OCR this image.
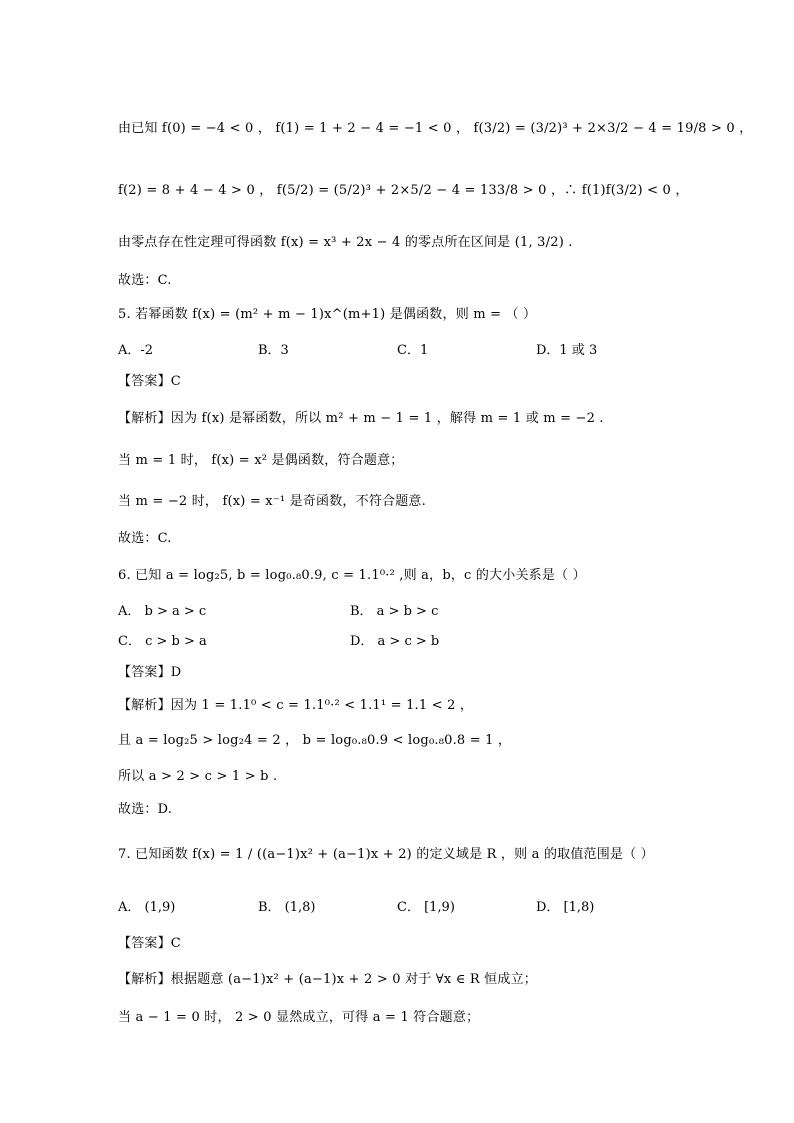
由已知 f(0) = −4 < 0 ， f(1) = 1 + 2 − 4 = −1 < 0 ， f(3/2) = (3/2)³ + 2×3/2 − 4 = 19/8 > 0 ，
f(2) = 8 + 4 − 4 > 0 ， f(5/2) = (5/2)³ + 2×5/2 − 4 = 133/8 > 0 ，∴ f(1)f(3/2) < 0 ，
由零点存在性定理可得函数 f(x) = x³ + 2x − 4 的零点所在区间是 (1, 3/2) .
故选：C.
5. 若幂函数 f(x) = (m² + m − 1)x^(m+1) 是偶函数，则 m = （ ）
A．-2	B．3	C．1	D．1 或 3
【答案】C
【解析】因为 f(x) 是幂函数，所以 m² + m − 1 = 1 ，解得 m = 1 或 m = −2 .
当 m = 1 时， f(x) = x² 是偶函数，符合题意；
当 m = −2 时， f(x) = x⁻¹ 是奇函数，不符合题意.
故选：C.
6. 已知 a = log₂5, b = log₀.₈0.9, c = 1.1⁰·² ,则 a，b，c 的大小关系是（ ）
A． b > a > c	B． a > b > c
C． c > b > a	D． a > c > b
【答案】D
【解析】因为 1 = 1.1⁰ < c = 1.1⁰·² < 1.1¹ = 1.1 < 2 ，
且 a = log₂5 > log₂4 = 2 ， b = log₀.₈0.9 < log₀.₈0.8 = 1 ，
所以 a > 2 > c > 1 > b .
故选：D.
7. 已知函数 f(x) = 1 / ((a−1)x² + (a−1)x + 2) 的定义域是 R ，则 a 的取值范围是（ ）
A． (1,9)	B． (1,8)	C． [1,9)	D． [1,8)
【答案】C
【解析】根据题意 (a−1)x² + (a−1)x + 2 > 0 对于 ∀x ∈ R 恒成立；
当 a − 1 = 0 时， 2 > 0 显然成立，可得 a = 1 符合题意；
